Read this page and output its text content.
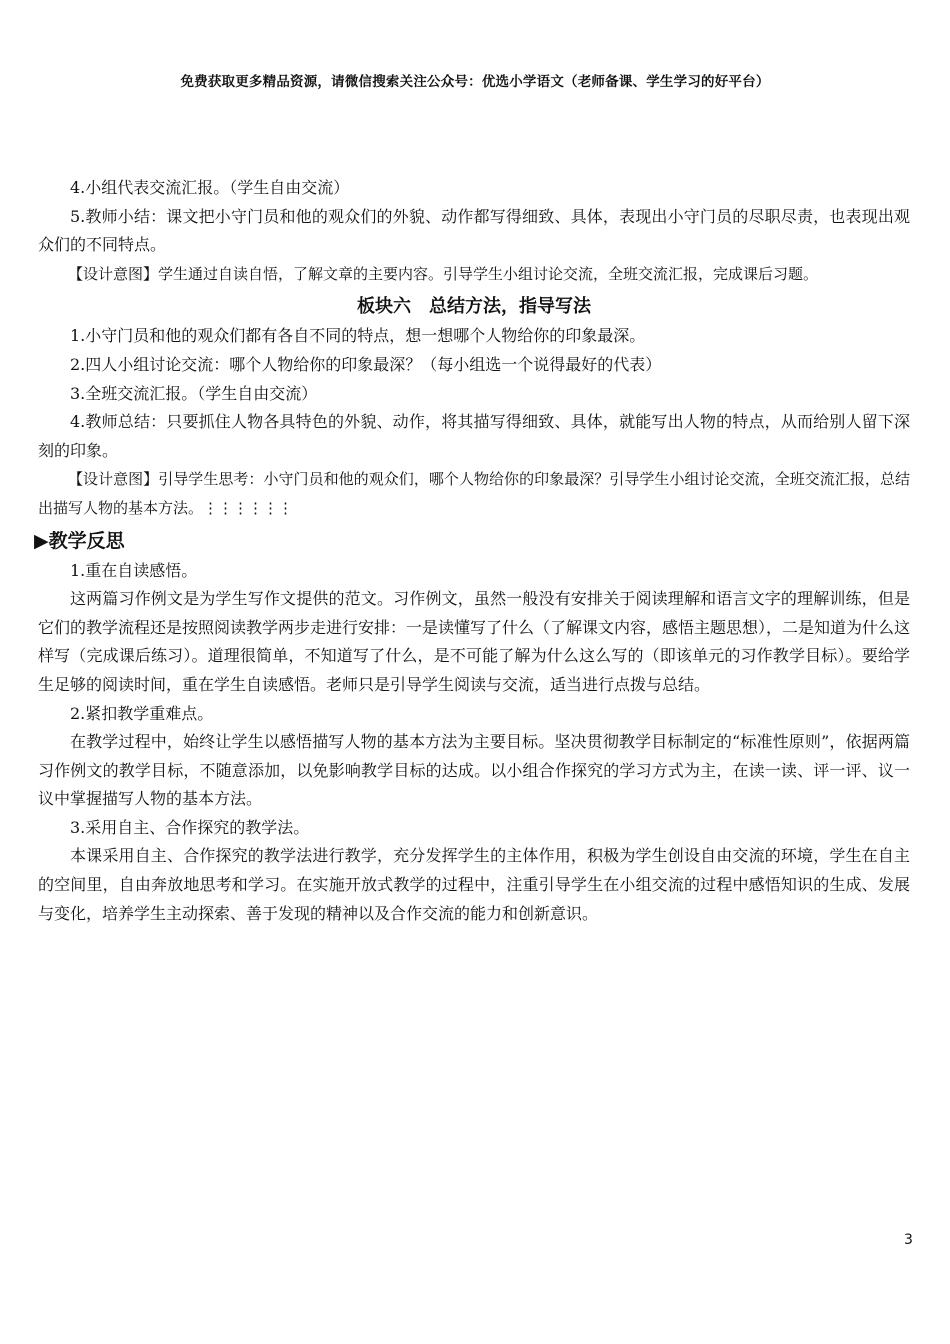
免费获取更多精品资源，请微信搜索关注公众号：优选小学语文（老师备课、学生学习的好平台）

4.小组代表交流汇报。（学生自由交流）

5.教师小结：课文把小守门员和他的观众们的外貌、动作都写得细致、具体，表现出小守门员的尽职尽责，也表现出观众们的不同特点。

【设计意图】学生通过自读自悟，了解文章的主要内容。引导学生小组讨论交流，全班交流汇报，完成课后习题。

板块六　总结方法，指导写法

1.小守门员和他的观众们都有各自不同的特点，想一想哪个人物给你的印象最深。

2.四人小组讨论交流：哪个人物给你的印象最深？（每小组选一个说得最好的代表）

3.全班交流汇报。（学生自由交流）

4.教师总结：只要抓住人物各具特色的外貌、动作，将其描写得细致、具体，就能写出人物的特点，从而给别人留下深刻的印象。

【设计意图】引导学生思考：小守门员和他的观众们，哪个人物给你的印象最深？引导学生小组讨论交流，全班交流汇报，总结出描写人物的基本方法。⋮⋮⋮⋮⋮⋮

▶教学反思

1.重在自读感悟。

这两篇习作例文是为学生写作文提供的范文。习作例文，虽然一般没有安排关于阅读理解和语言文字的理解训练，但是它们的教学流程还是按照阅读教学两步走进行安排：一是读懂写了什么（了解课文内容，感悟主题思想），二是知道为什么这样写（完成课后练习）。道理很简单，不知道写了什么，是不可能了解为什么这么写的（即该单元的习作教学目标）。要给学生足够的阅读时间，重在学生自读感悟。老师只是引导学生阅读与交流，适当进行点拨与总结。

2.紧扣教学重难点。

在教学过程中，始终让学生以感悟描写人物的基本方法为主要目标。坚决贯彻教学目标制定的“标准性原则”，依据两篇习作例文的教学目标，不随意添加，以免影响教学目标的达成。以小组合作探究的学习方式为主，在读一读、评一评、议一议中掌握描写人物的基本方法。

3.采用自主、合作探究的教学法。

本课采用自主、合作探究的教学法进行教学，充分发挥学生的主体作用，积极为学生创设自由交流的环境，学生在自主的空间里，自由奔放地思考和学习。在实施开放式教学的过程中，注重引导学生在小组交流的过程中感悟知识的生成、发展与变化，培养学生主动探索、善于发现的精神以及合作交流的能力和创新意识。

3
